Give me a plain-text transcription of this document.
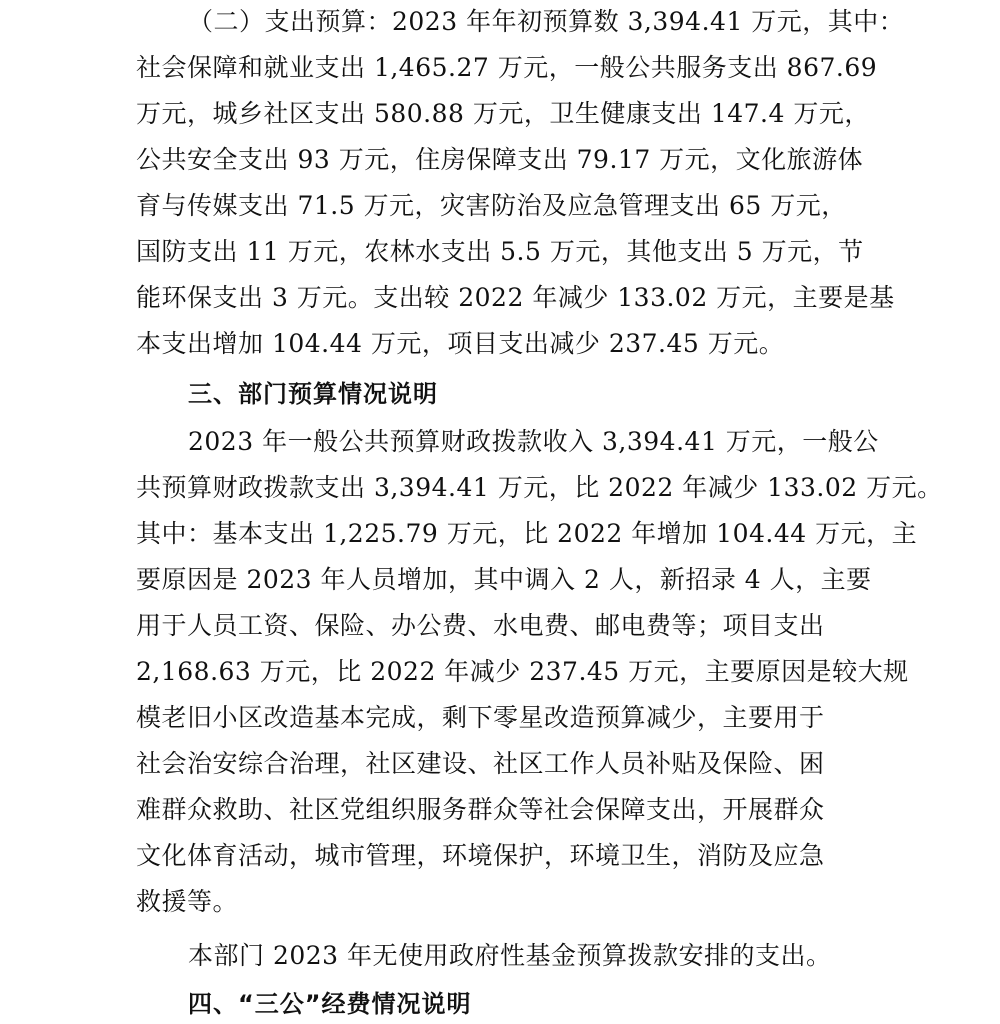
（二）支出预算：2023 年年初预算数 3,394.41 万元，其中：
社会保障和就业支出 1,465.27 万元，一般公共服务支出 867.69
万元，城乡社区支出 580.88 万元，卫生健康支出 147.4 万元，
公共安全支出 93 万元，住房保障支出 79.17 万元，文化旅游体
育与传媒支出 71.5 万元，灾害防治及应急管理支出 65 万元，
国防支出 11 万元，农林水支出 5.5 万元，其他支出 5 万元，节
能环保支出 3 万元。支出较 2022 年减少 133.02 万元，主要是基
本支出增加 104.44 万元，项目支出减少 237.45 万元。
三、部门预算情况说明
2023 年一般公共预算财政拨款收入 3,394.41 万元，一般公
共预算财政拨款支出 3,394.41 万元，比 2022 年减少 133.02 万元。
其中：基本支出 1,225.79 万元，比 2022 年增加 104.44 万元，主
要原因是 2023 年人员增加，其中调入 2 人，新招录 4 人，主要
用于人员工资、保险、办公费、水电费、邮电费等；项目支出
2,168.63 万元，比 2022 年减少 237.45 万元，主要原因是较大规
模老旧小区改造基本完成，剩下零星改造预算减少，主要用于
社会治安综合治理，社区建设、社区工作人员补贴及保险、困
难群众救助、社区党组织服务群众等社会保障支出，开展群众
文化体育活动，城市管理，环境保护，环境卫生，消防及应急
救援等。
本部门 2023 年无使用政府性基金预算拨款安排的支出。
四、“三公”经费情况说明
